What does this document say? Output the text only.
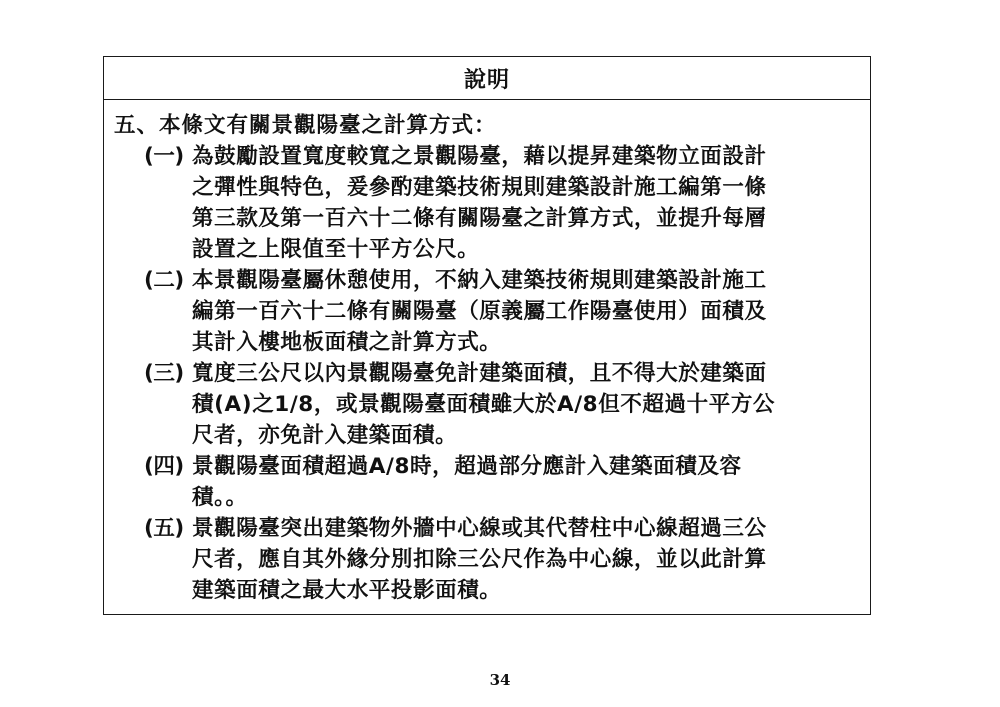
說明

五、本條文有關景觀陽臺之計算方式：

(一) 為鼓勵設置寬度較寬之景觀陽臺，藉以提昇建築物立面設計
之彈性與特色，爰參酌建築技術規則建築設計施工編第一條
第三款及第一百六十二條有關陽臺之計算方式，並提升每層
設置之上限值至十平方公尺。
(二) 本景觀陽臺屬休憩使用，不納入建築技術規則建築設計施工
編第一百六十二條有關陽臺（原義屬工作陽臺使用）面積及
其計入樓地板面積之計算方式。
(三) 寬度三公尺以內景觀陽臺免計建築面積，且不得大於建築面
積(A)之1/8，或景觀陽臺面積雖大於A/8但不超過十平方公
尺者，亦免計入建築面積。
(四) 景觀陽臺面積超過A/8時，超過部分應計入建築面積及容
積。。
(五) 景觀陽臺突出建築物外牆中心線或其代替柱中心線超過三公
尺者，應自其外緣分別扣除三公尺作為中心線，並以此計算
建築面積之最大水平投影面積。
34
